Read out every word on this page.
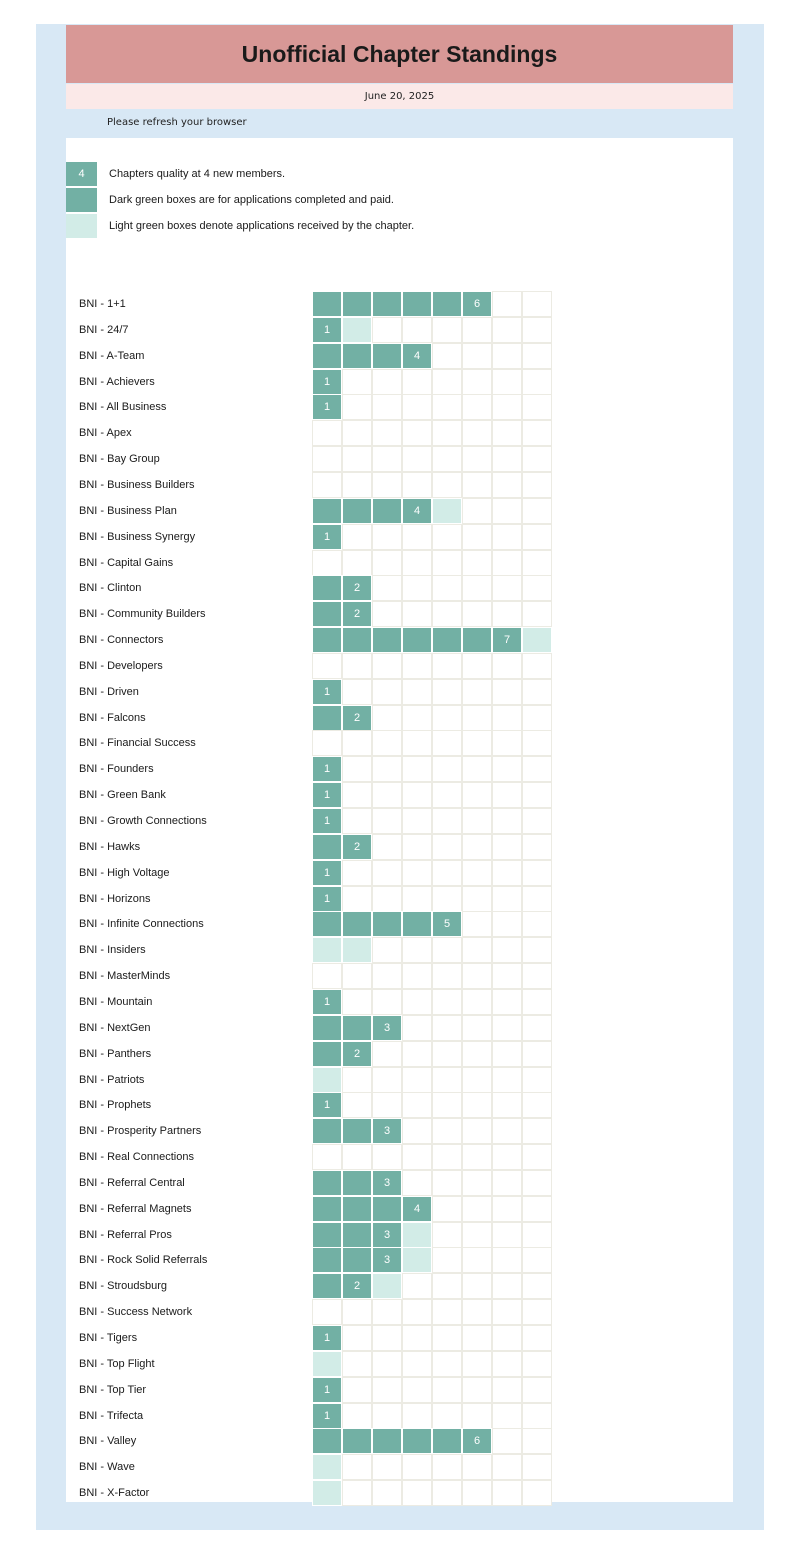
Unofficial Chapter Standings
June 20, 2025
Please refresh your browser
4 Chapters quality at 4 new members.
Dark green boxes are for applications completed and paid.
Light green boxes denote applications received by the chapter.
BNI - 1+1	6
BNI - 24/7	1
BNI - A-Team	4
BNI - Achievers	1
BNI - All Business	1
BNI - Apex
BNI - Bay Group
BNI - Business Builders
BNI - Business Plan	4
BNI - Business Synergy	1
BNI - Capital Gains
BNI - Clinton	2
BNI - Community Builders	2
BNI - Connectors	7
BNI - Developers
BNI - Driven	1
BNI - Falcons	2
BNI - Financial Success
BNI - Founders	1
BNI - Green Bank	1
BNI - Growth Connections	1
BNI - Hawks	2
BNI - High Voltage	1
BNI - Horizons	1
BNI - Infinite Connections	5
BNI - Insiders
BNI - MasterMinds
BNI - Mountain	1
BNI - NextGen	3
BNI - Panthers	2
BNI - Patriots
BNI - Prophets	1
BNI - Prosperity Partners	3
BNI - Real Connections
BNI - Referral Central	3
BNI - Referral Magnets	4
BNI - Referral Pros	3
BNI - Rock Solid Referrals	3
BNI - Stroudsburg	2
BNI - Success Network
BNI - Tigers	1
BNI - Top Flight
BNI - Top Tier	1
BNI - Trifecta	1
BNI - Valley	6
BNI - Wave
BNI - X-Factor
